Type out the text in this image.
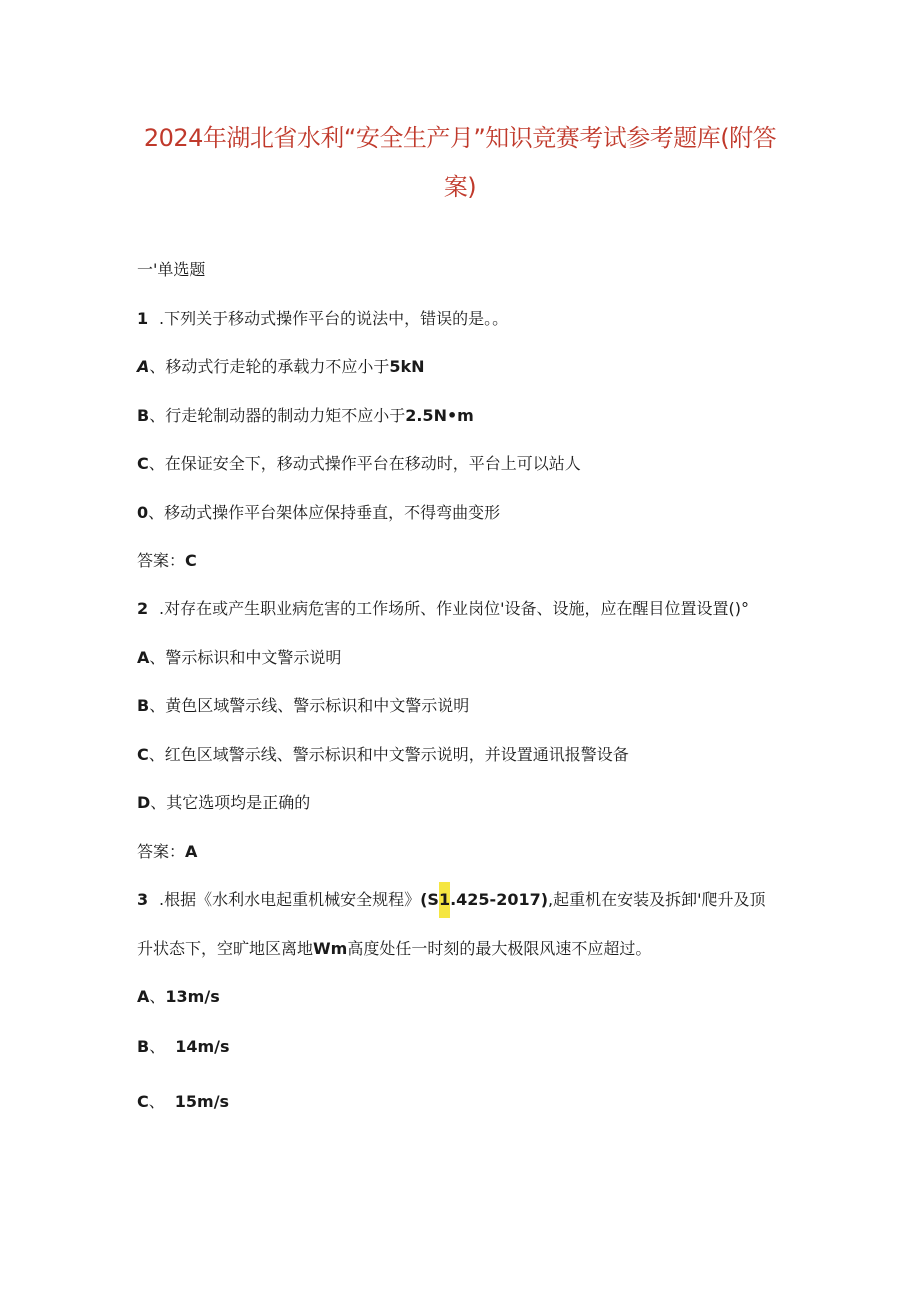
2024年湖北省水利“安全生产月”知识竞赛考试参考题库(附答
案)
一'单选题
1 .下列关于移动式操作平台的说法中，错误的是。。
A、移动式行走轮的承载力不应小于5kN
B、行走轮制动器的制动力矩不应小于2.5N•m
C、在保证安全下，移动式操作平台在移动时，平台上可以站人
0、移动式操作平台架体应保持垂直，不得弯曲变形
答案：C
2 .对存在或产生职业病危害的工作场所、作业岗位'设备、设施，应在醒目位置设置()°
A、警示标识和中文警示说明
B、黄色区域警示线、警示标识和中文警示说明
C、红色区域警示线、警示标识和中文警示说明，并设置通讯报警设备
D、其它选项均是正确的
答案：A
3 .根据《水利水电起重机械安全规程》(S1.425-2017),起重机在安装及拆卸'爬升及顶
升状态下，空旷地区离地Wm高度处任一时刻的最大极限风速不应超过。
A、13m/s
B、 14m/s
C、 15m/s
